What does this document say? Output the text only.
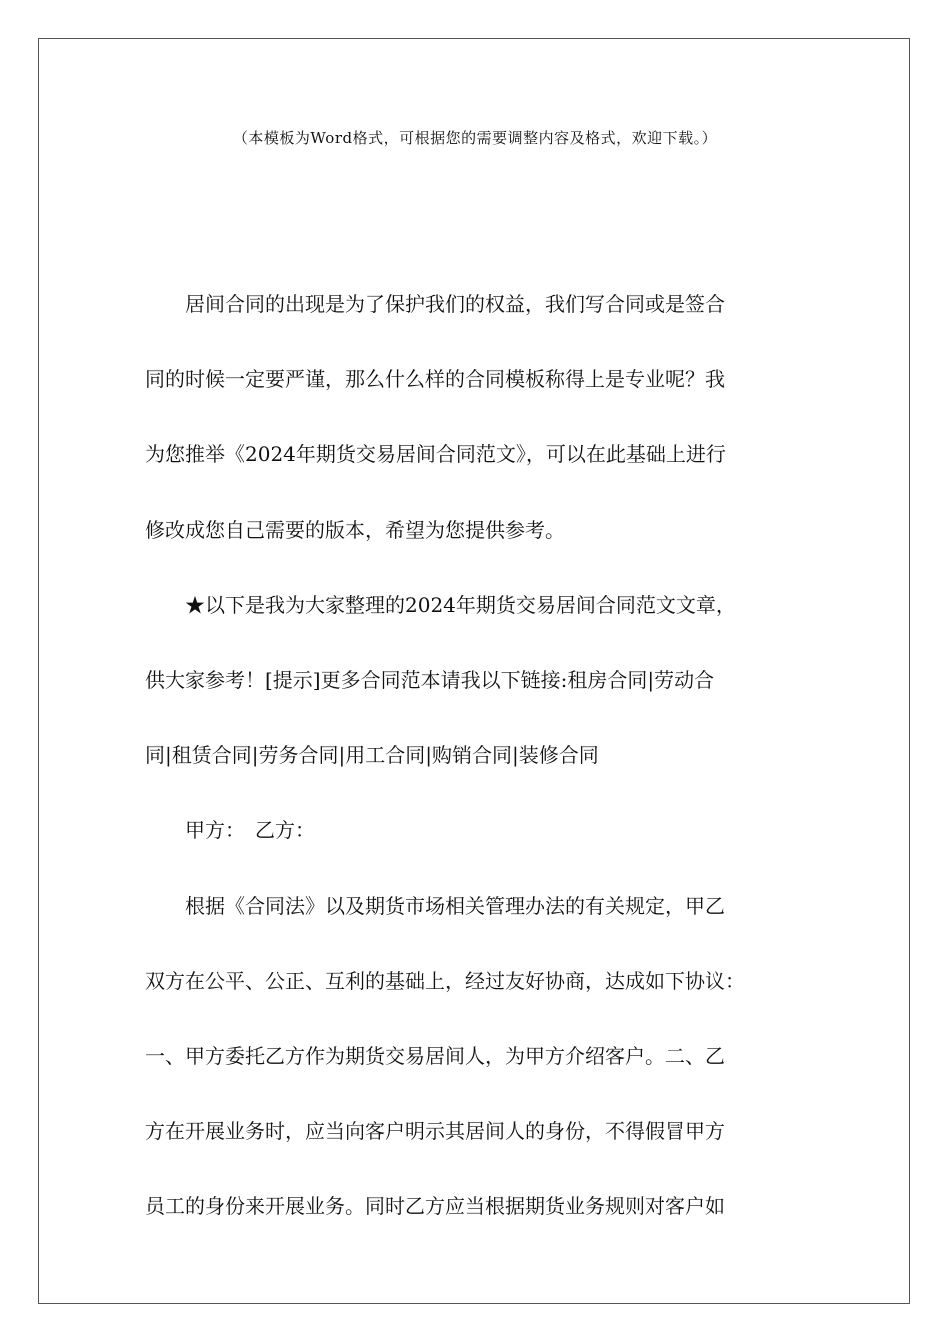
（本模板为Word格式，可根据您的需要调整内容及格式，欢迎下载。）
居间合同的出现是为了保护我们的权益，我们写合同或是签合
同的时候一定要严谨，那么什么样的合同模板称得上是专业呢？我
为您推举《2024年期货交易居间合同范文》，可以在此基础上进行
修改成您自己需要的版本，希望为您提供参考。
★以下是我为大家整理的2024年期货交易居间合同范文文章，
供大家参考！[提示]更多合同范本请我以下链接:租房合同|劳动合
同|租赁合同|劳务合同|用工合同|购销合同|装修合同
甲方：　乙方：
根据《合同法》以及期货市场相关管理办法的有关规定，甲乙
双方在公平、公正、互利的基础上，经过友好协商，达成如下协议：
一、甲方委托乙方作为期货交易居间人，为甲方介绍客户。二、乙
方在开展业务时，应当向客户明示其居间人的身份，不得假冒甲方
员工的身份来开展业务。同时乙方应当根据期货业务规则对客户如
